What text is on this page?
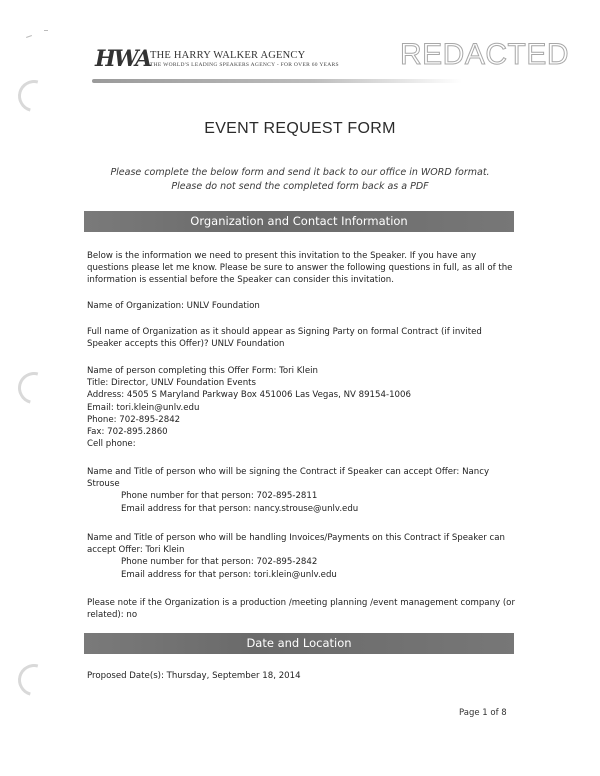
HWA THE HARRY WALKER AGENCY
THE WORLD'S LEADING SPEAKERS AGENCY - FOR OVER 60 YEARS REDACTED
EVENT REQUEST FORM
Please complete the below form and send it back to our office in WORD format.
Please do not send the completed form back as a PDF
Organization and Contact Information
Below is the information we need to present this invitation to the Speaker. If you have any questions please let me know. Please be sure to answer the following questions in full, as all of the information is essential before the Speaker can consider this invitation.
Name of Organization: UNLV Foundation
Full name of Organization as it should appear as Signing Party on formal Contract (if invited Speaker accepts this Offer)? UNLV Foundation
Name of person completing this Offer Form: Tori Klein
Title: Director, UNLV Foundation Events
Address: 4505 S Maryland Parkway Box 451006 Las Vegas, NV 89154-1006
Email: tori.klein@unlv.edu
Phone: 702-895-2842
Fax: 702-895.2860
Cell phone:
Name and Title of person who will be signing the Contract if Speaker can accept Offer: Nancy Strouse
Phone number for that person: 702-895-2811
Email address for that person: nancy.strouse@unlv.edu
Name and Title of person who will be handling Invoices/Payments on this Contract if Speaker can accept Offer: Tori Klein
Phone number for that person: 702-895-2842
Email address for that person: tori.klein@unlv.edu
Please note if the Organization is a production /meeting planning /event management company (or related): no
Date and Location
Proposed Date(s): Thursday, September 18, 2014
Page 1 of 8
